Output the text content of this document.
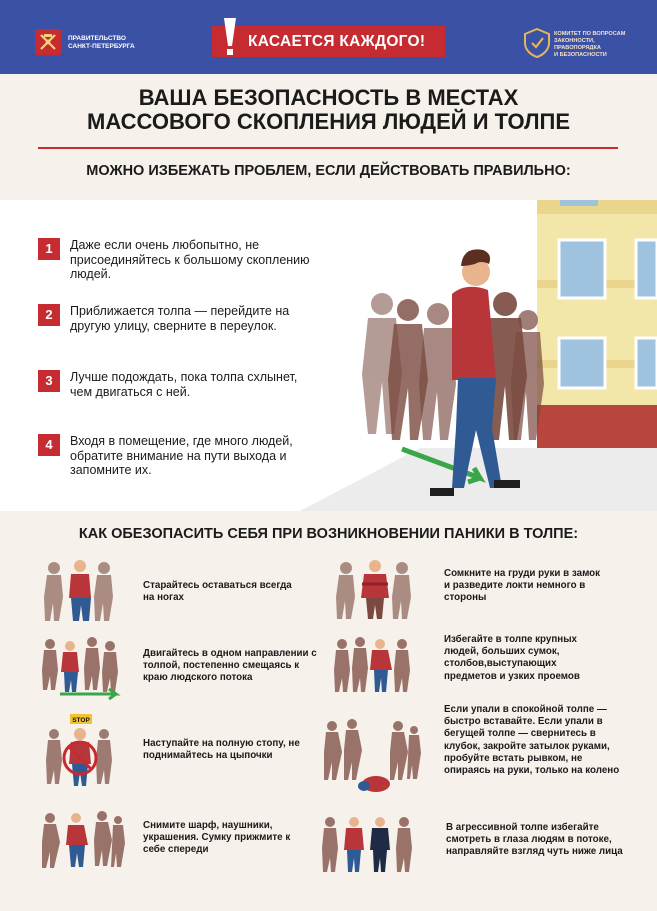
ПРАВИТЕЛЬСТВО
САНКТ-ПЕТЕРБУРГА	КАСАЕТСЯ КАЖДОГО!	КОМИТЕТ ПО ВОПРОСАМ
ЗАКОННОСТИ, ПРАВОПОРЯДКА
И БЕЗОПАСНОСТИ
ВАША БЕЗОПАСНОСТЬ В МЕСТАХ
МАССОВОГО СКОПЛЕНИЯ ЛЮДЕЙ И ТОЛПЕ
МОЖНО ИЗБЕЖАТЬ ПРОБЛЕМ, ЕСЛИ ДЕЙСТВОВАТЬ ПРАВИЛЬНО:
1	Даже если очень любопытно, не присоединяйтесь к большому скоплению людей.
2	Приближается толпа — перейдите на другую улицу, сверните в переулок.
3	Лучше подождать, пока толпа схлынет, чем двигаться с ней.
4	Входя в помещение, где много людей, обратите внимание на пути выхода и запомните их.
КАК ОБЕЗОПАСИТЬ СЕБЯ ПРИ ВОЗНИКНОВЕНИИ ПАНИКИ В ТОЛПЕ:
Старайтесь оставаться всегда на ногах
Двигайтесь в одном направлении с толпой, постепенно смещаясь к краю людского потока
STOP
Наступайте на полную стопу, не поднимайтесь на цыпочки
Снимите шарф, наушники, украшения. Сумку прижмите к себе спереди
Сомкните на груди руки в замок и разведите локти немного в стороны
Избегайте в толпе крупных людей, больших сумок, столбов,выступающих предметов и узких проемов
Если упали в спокойной толпе — быстро вставайте. Если упали в бегущей толпе — свернитесь в клубок, закройте затылок руками, пробуйте встать рывком, не опираясь на руки, только на колено
В агрессивной толпе избегайте смотреть в глаза людям в потоке, направляйте взгляд чуть ниже лица
